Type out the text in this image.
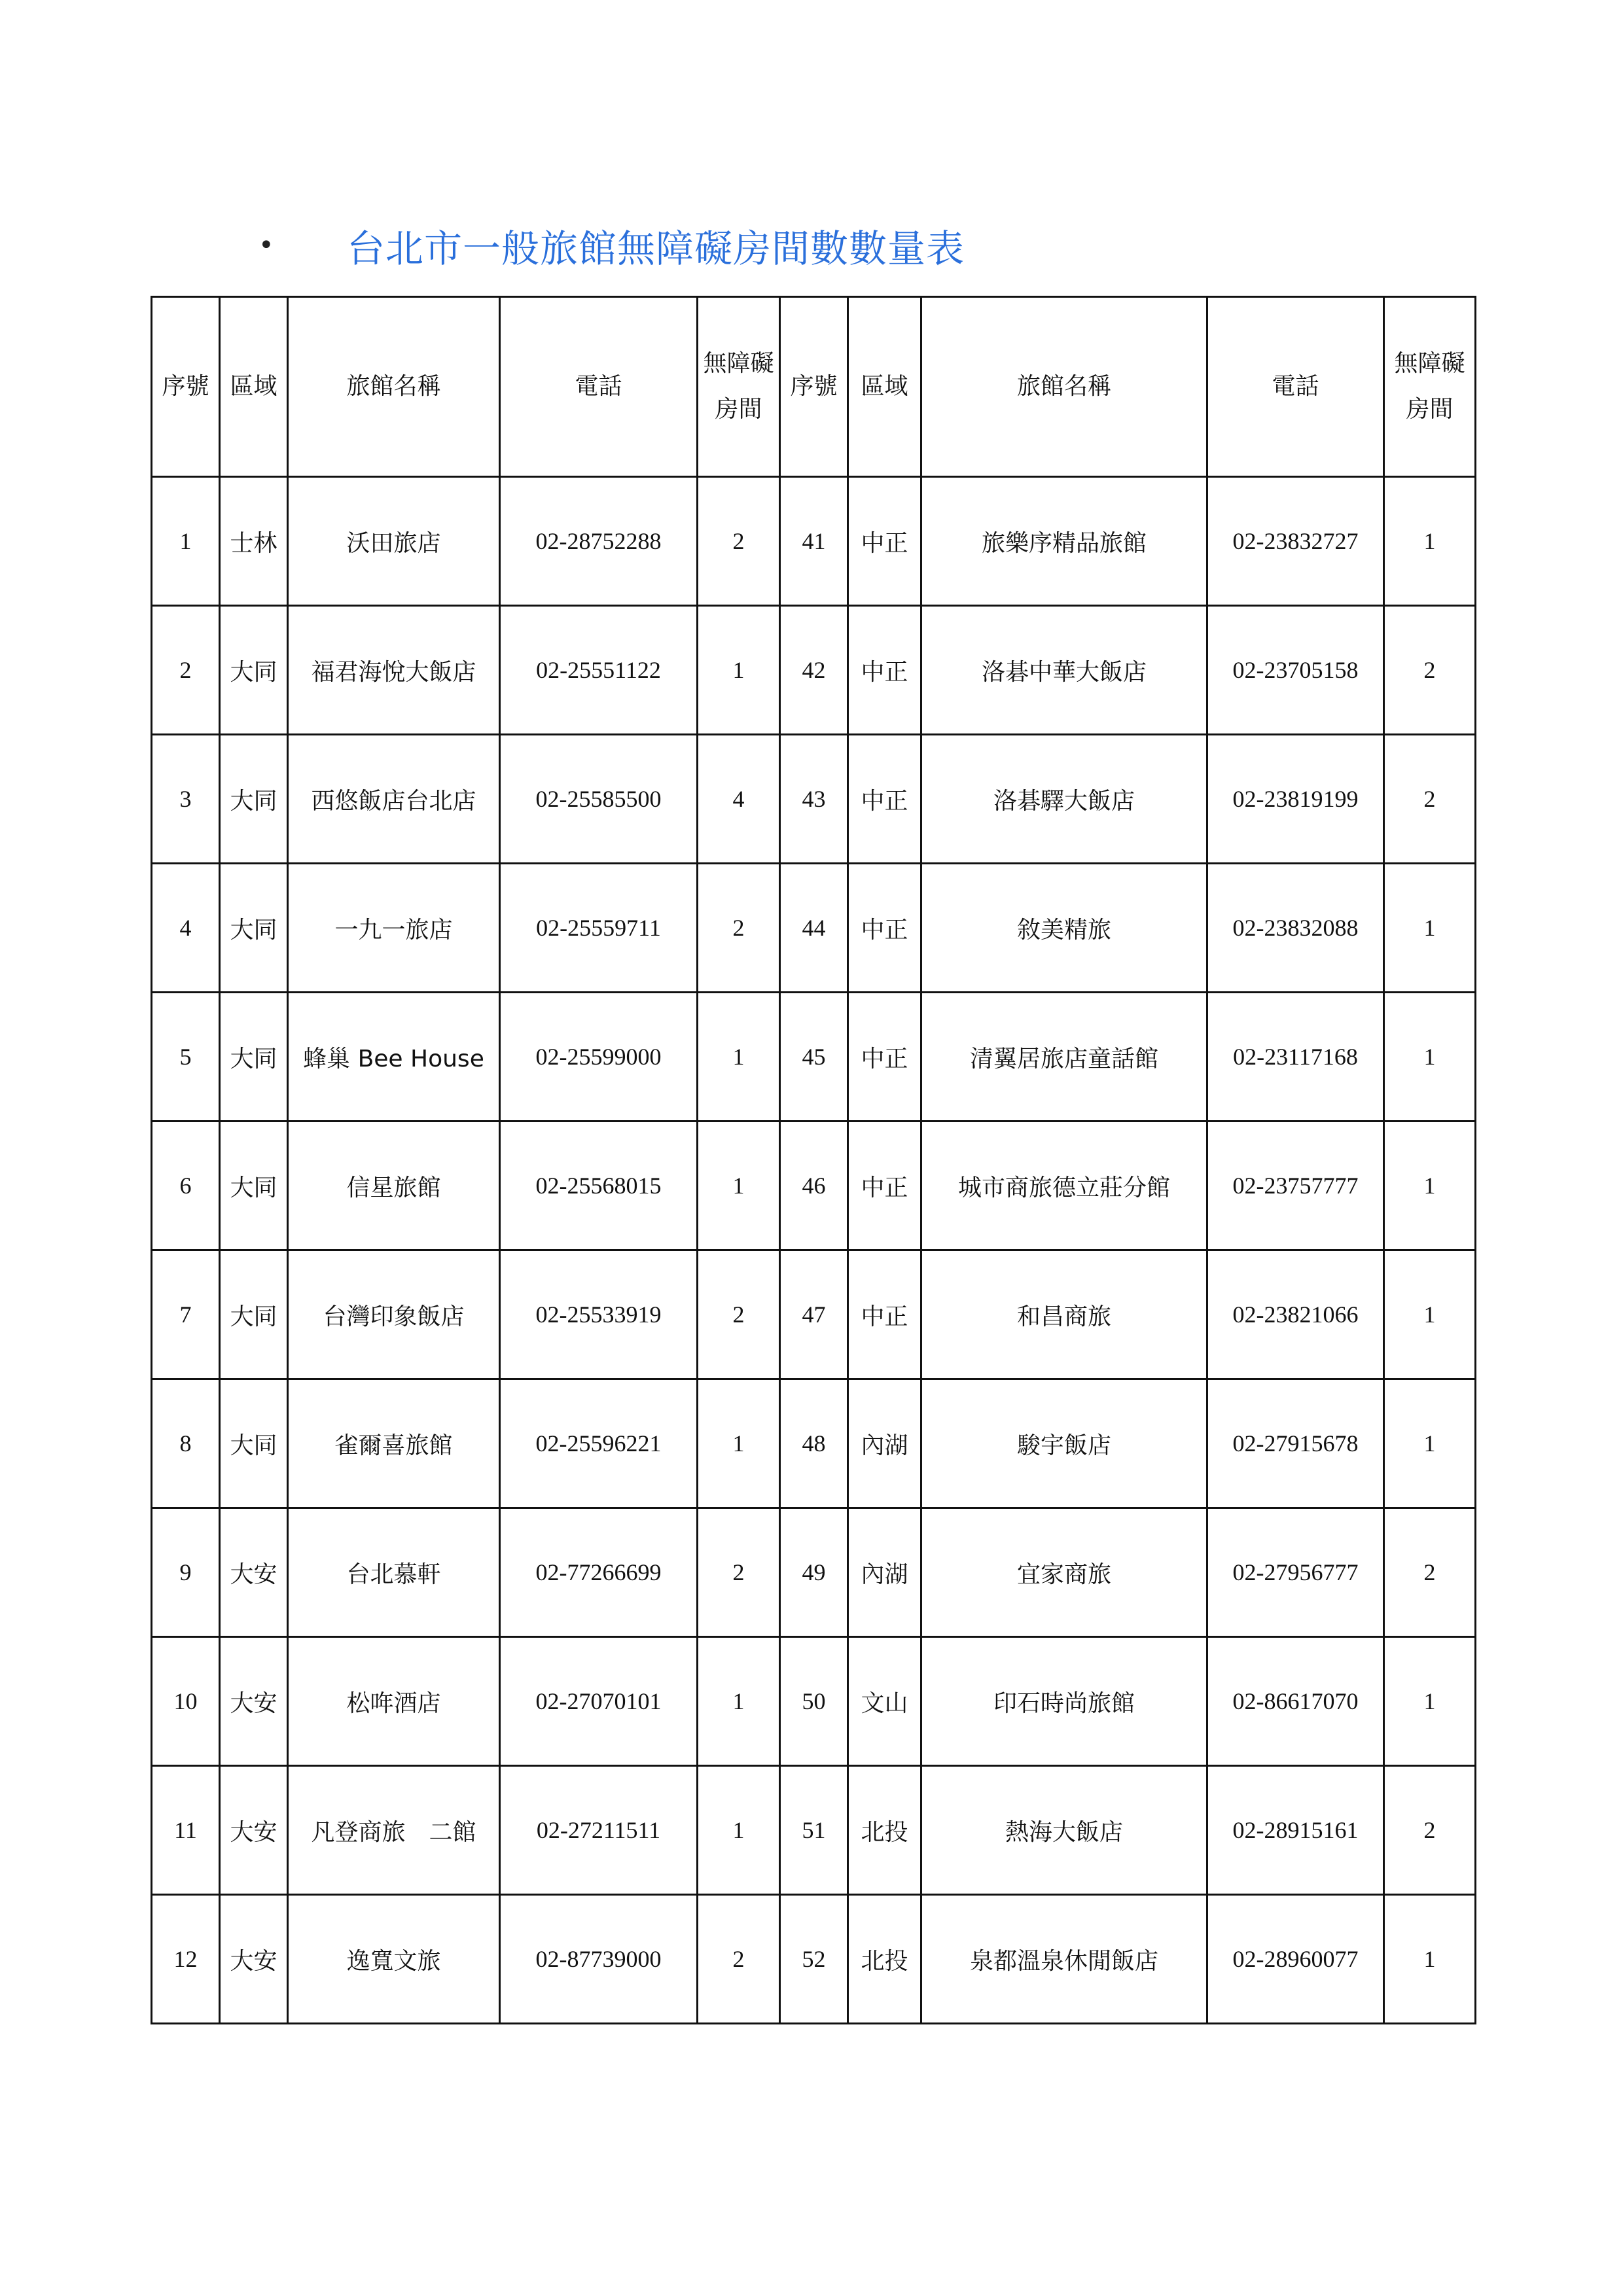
•	台北市一般旅館無障礙房間數數量表
序號	區域	旅館名稱	電話	無障礙房間	序號	區域	旅館名稱	電話	無障礙房間
1	士林	沃田旅店	02-28752288	2	41	中正	旅樂序精品旅館	02-23832727	1
2	大同	福君海悅大飯店	02-25551122	1	42	中正	洛碁中華大飯店	02-23705158	2
3	大同	西悠飯店台北店	02-25585500	4	43	中正	洛碁驛大飯店	02-23819199	2
4	大同	一九一旅店	02-25559711	2	44	中正	敘美精旅	02-23832088	1
5	大同	蜂巢 Bee House	02-25599000	1	45	中正	清翼居旅店童話館	02-23117168	1
6	大同	信星旅館	02-25568015	1	46	中正	城市商旅德立莊分館	02-23757777	1
7	大同	台灣印象飯店	02-25533919	2	47	中正	和昌商旅	02-23821066	1
8	大同	雀爾喜旅館	02-25596221	1	48	內湖	駿宇飯店	02-27915678	1
9	大安	台北慕軒	02-77266699	2	49	內湖	宜家商旅	02-27956777	2
10	大安	松哖酒店	02-27070101	1	50	文山	印石時尚旅館	02-86617070	1
11	大安	凡登商旅　二館	02-27211511	1	51	北投	熱海大飯店	02-28915161	2
12	大安	逸寬文旅	02-87739000	2	52	北投	泉都溫泉休閒飯店	02-28960077	1
